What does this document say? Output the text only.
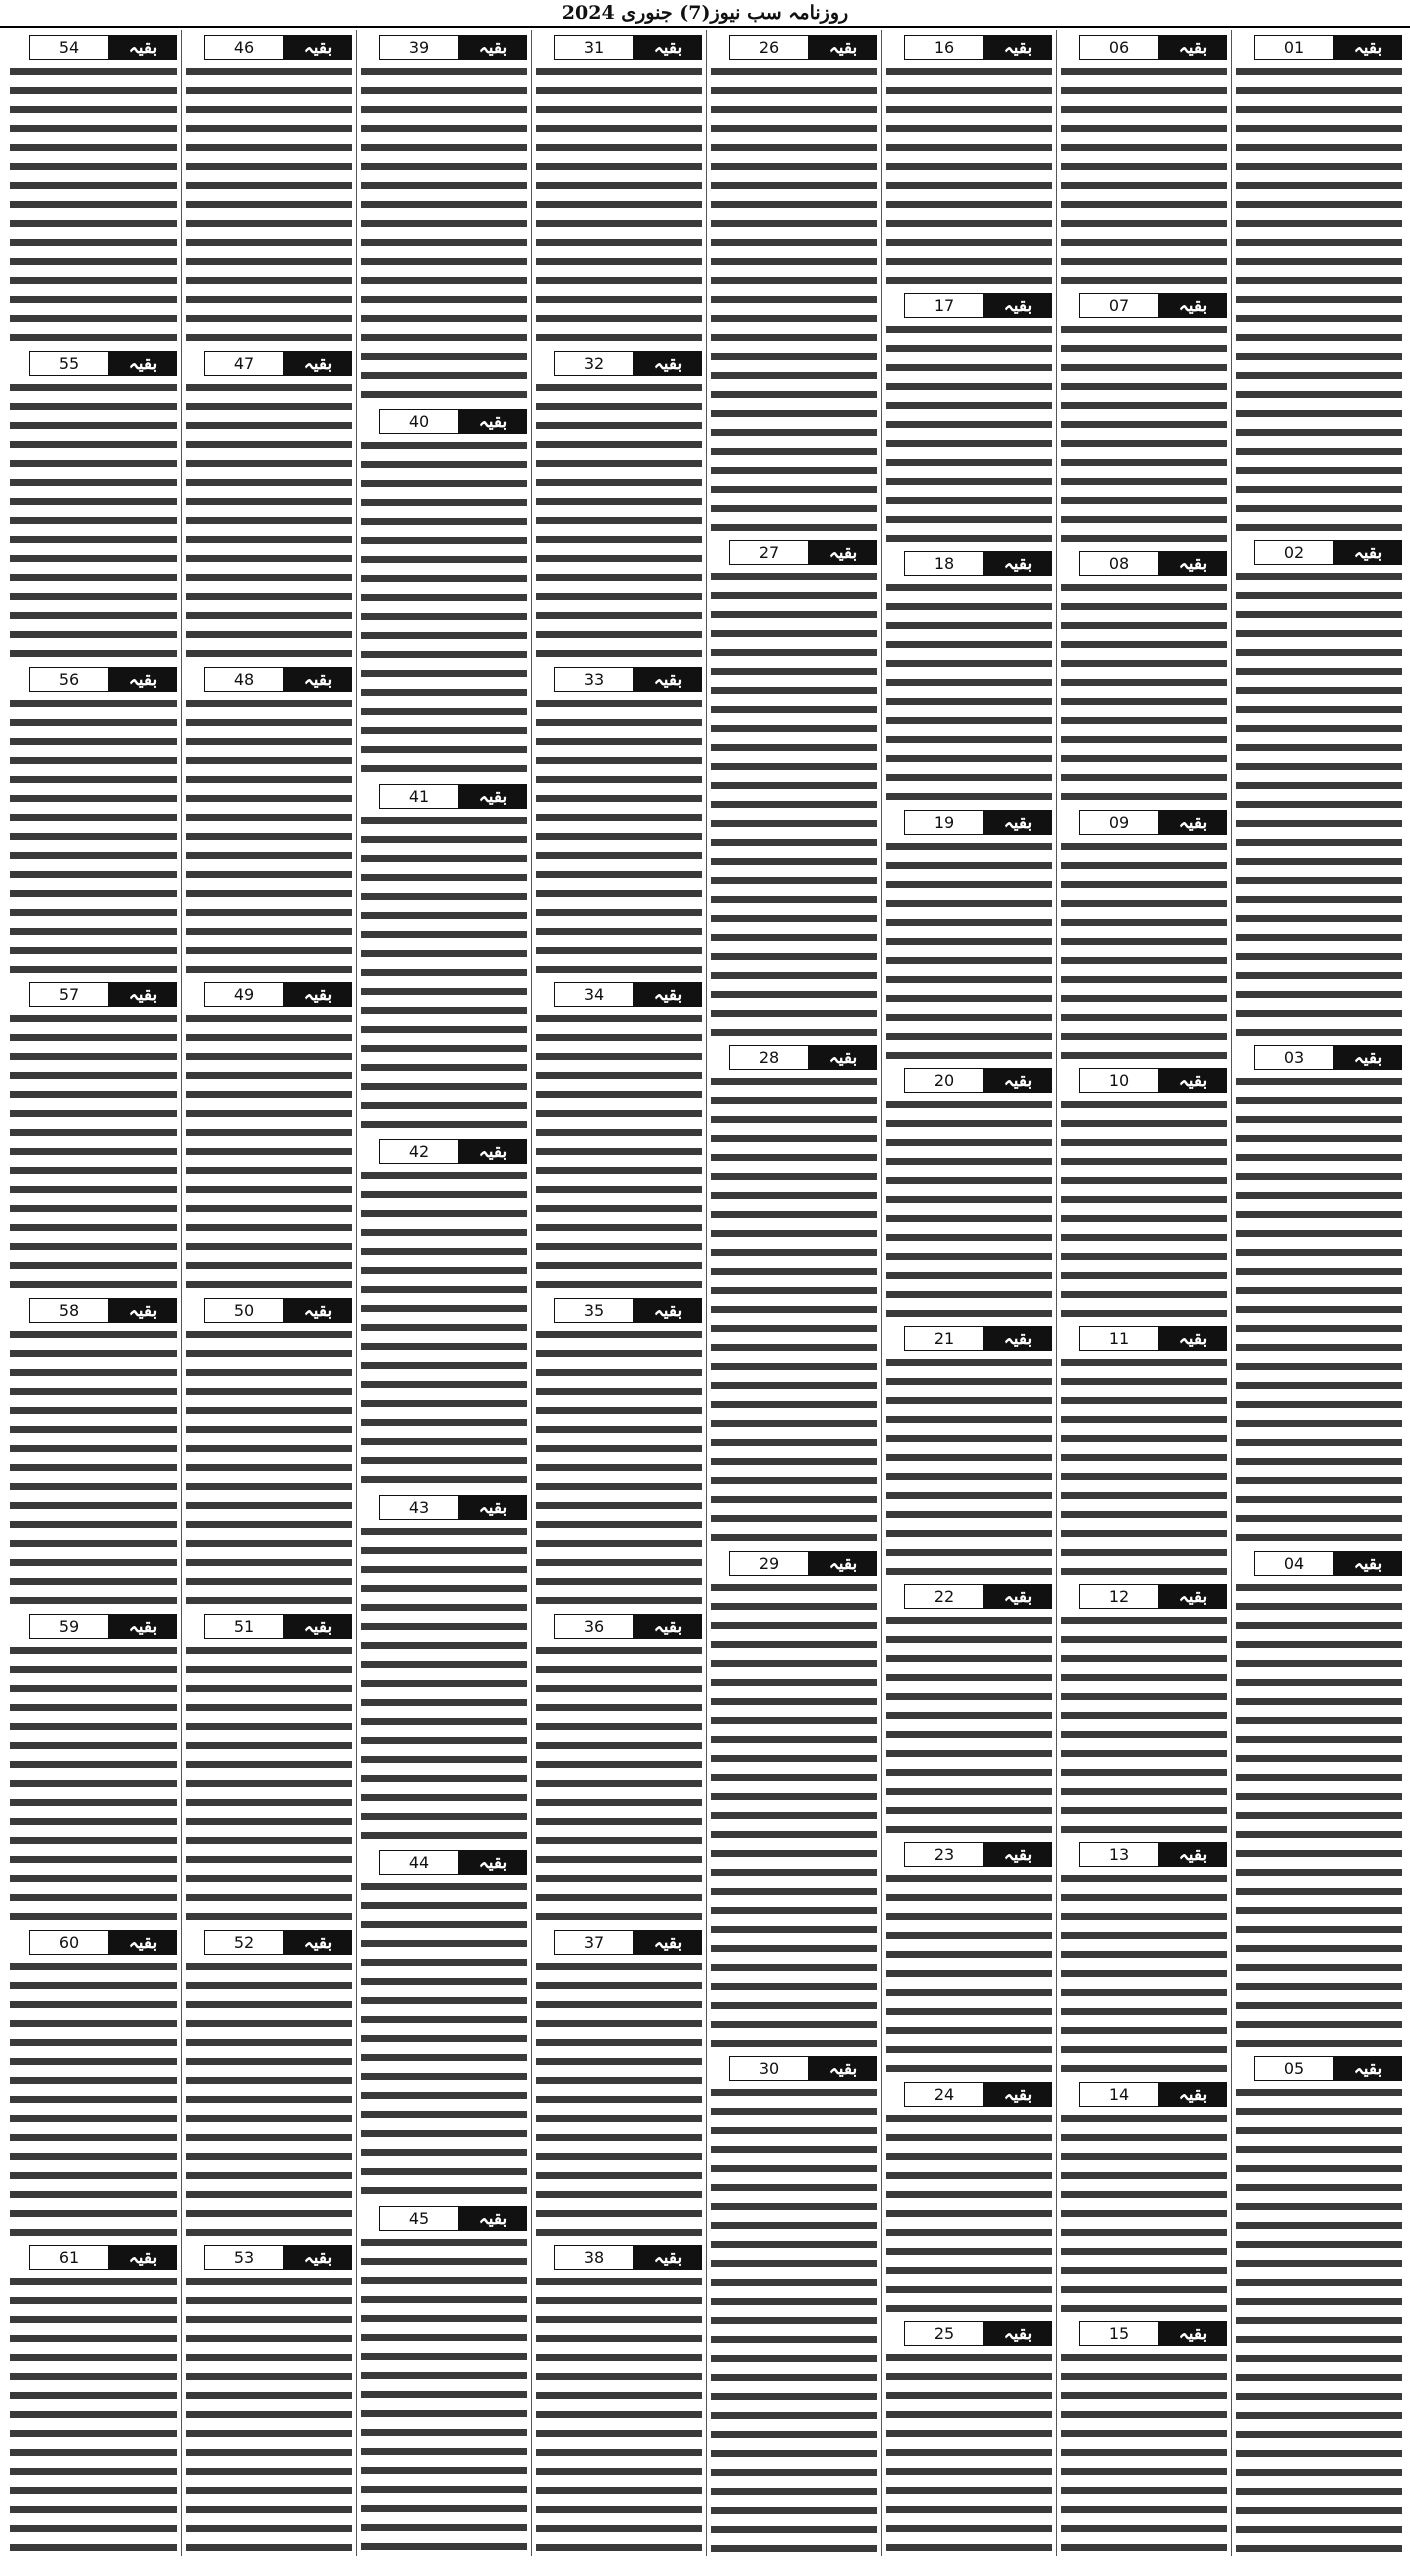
روزنامہ سب نیوز(7) جنوری 2024
بقیہ
01
بقیہ
02
بقیہ
03
بقیہ
04
بقیہ
05
بقیہ
06
بقیہ
07
بقیہ
08
بقیہ
09
بقیہ
10
بقیہ
11
بقیہ
12
بقیہ
13
بقیہ
14
بقیہ
15
بقیہ
16
بقیہ
17
بقیہ
18
بقیہ
19
بقیہ
20
بقیہ
21
بقیہ
22
بقیہ
23
بقیہ
24
بقیہ
25
بقیہ
26
بقیہ
27
بقیہ
28
بقیہ
29
بقیہ
30
بقیہ
31
بقیہ
32
بقیہ
33
بقیہ
34
بقیہ
35
بقیہ
36
بقیہ
37
بقیہ
38
بقیہ
39
بقیہ
40
بقیہ
41
بقیہ
42
بقیہ
43
بقیہ
44
بقیہ
45
بقیہ
46
بقیہ
47
بقیہ
48
بقیہ
49
بقیہ
50
بقیہ
51
بقیہ
52
بقیہ
53
بقیہ
54
بقیہ
55
بقیہ
56
بقیہ
57
بقیہ
58
بقیہ
59
بقیہ
60
بقیہ
61
